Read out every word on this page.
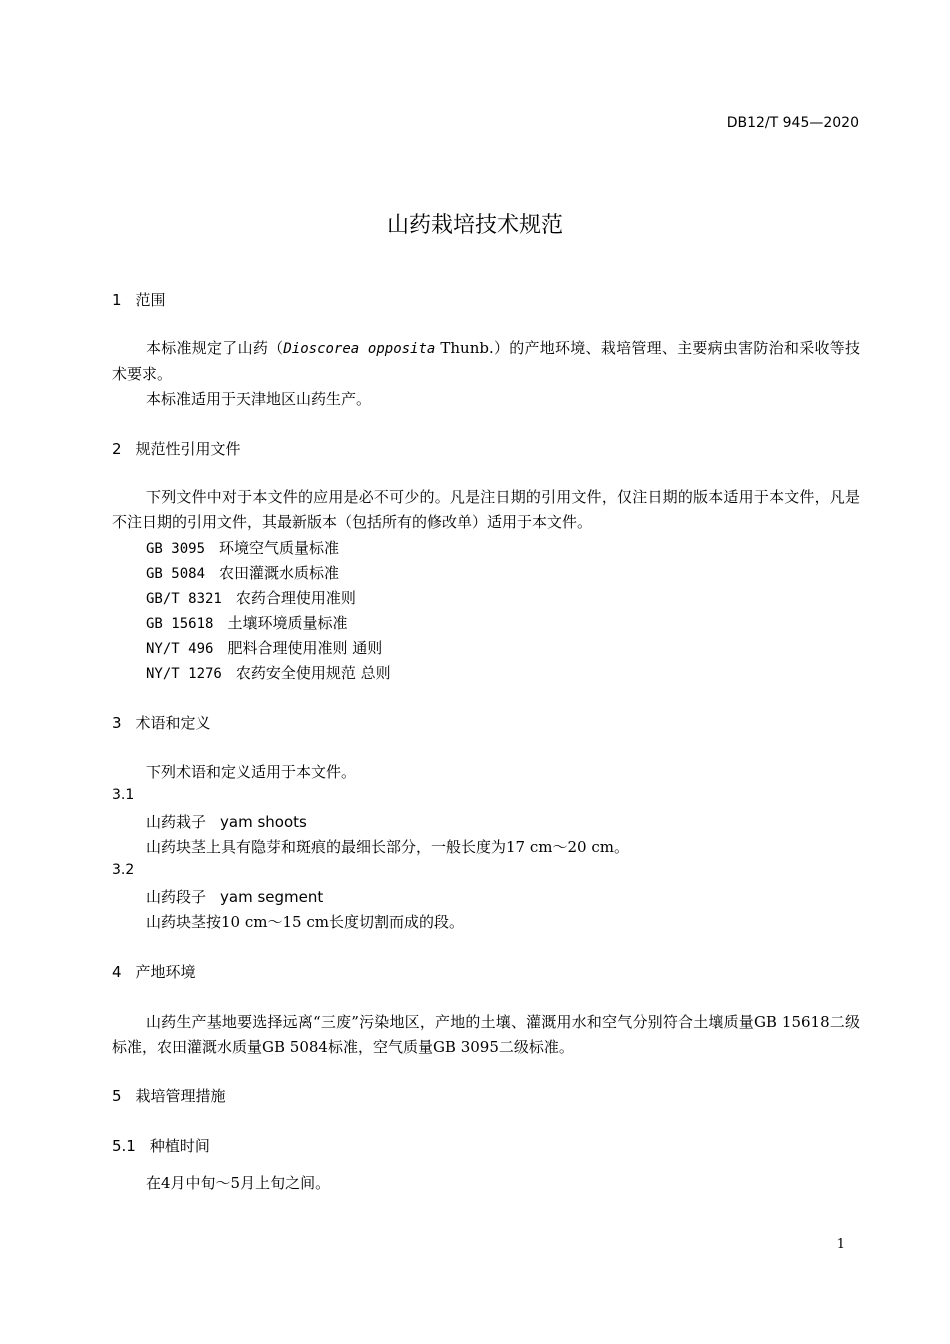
DB12/T 945—2020
山药栽培技术规范
1 范围
本标准规定了山药（Dioscorea opposita Thunb.）的产地环境、栽培管理、主要病虫害防治和采收等技术要求。
本标准适用于天津地区山药生产。
2 规范性引用文件
下列文件中对于本文件的应用是必不可少的。凡是注日期的引用文件，仅注日期的版本适用于本文件，凡是不注日期的引用文件，其最新版本（包括所有的修改单）适用于本文件。
GB 3095 环境空气质量标准
GB 5084 农田灌溉水质标准
GB/T 8321 农药合理使用准则
GB 15618 土壤环境质量标准
NY/T 496 肥料合理使用准则 通则
NY/T 1276 农药安全使用规范 总则
3 术语和定义
下列术语和定义适用于本文件。
3.1
山药栽子 yam shoots
山药块茎上具有隐芽和斑痕的最细长部分，一般长度为17 cm～20 cm。
3.2
山药段子 yam segment
山药块茎按10 cm～15 cm长度切割而成的段。
4 产地环境
山药生产基地要选择远离“三废”污染地区，产地的土壤、灌溉用水和空气分别符合土壤质量GB 15618二级标准，农田灌溉水质量GB 5084标准，空气质量GB 3095二级标准。
5 栽培管理措施
5.1 种植时间
在4月中旬～5月上旬之间。
1
